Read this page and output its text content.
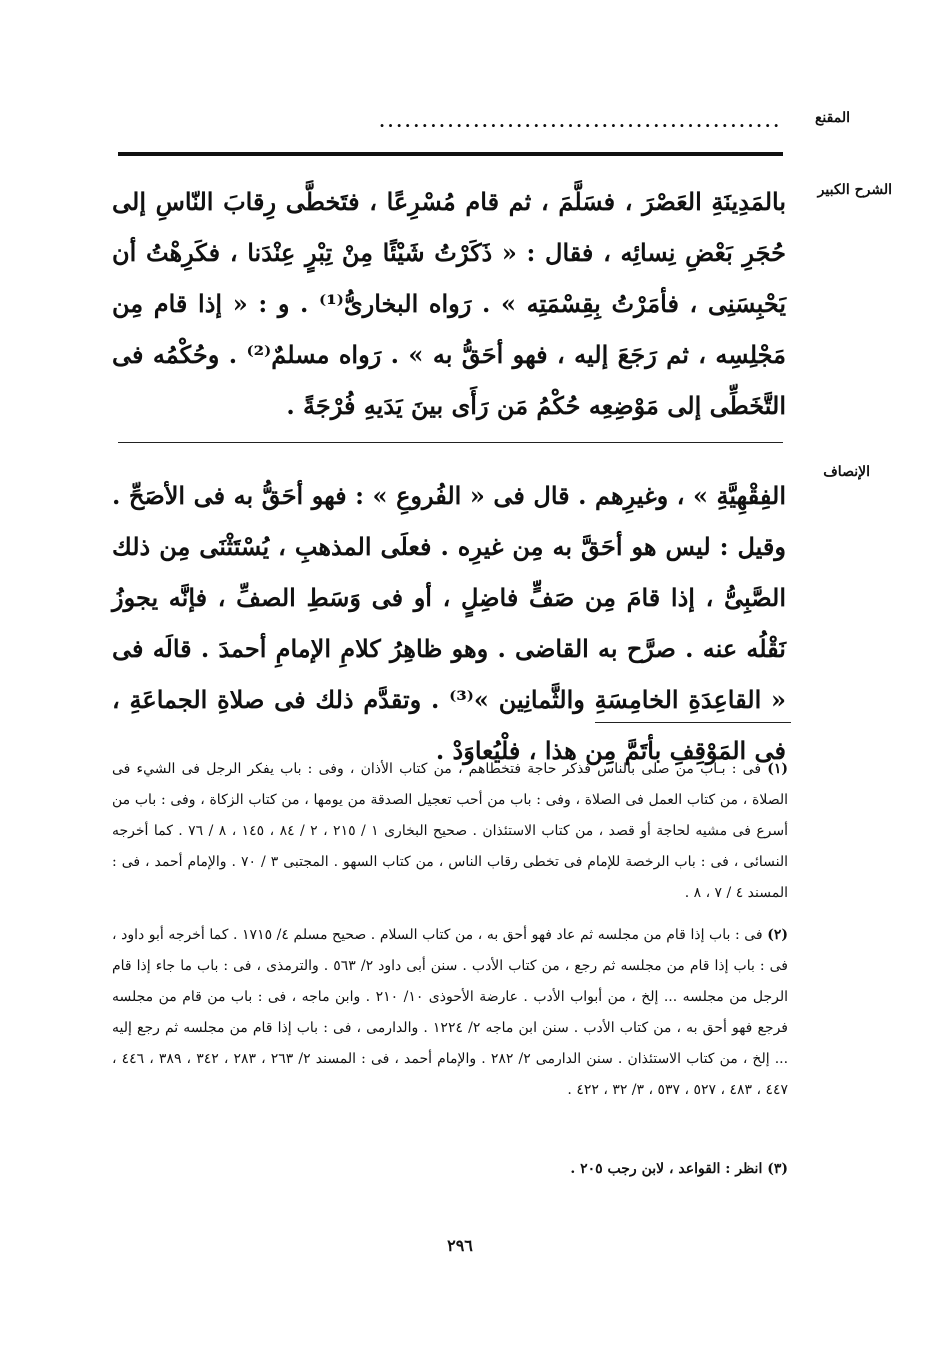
المقنع
...............................................
الشرح الكبير
بالمَدِينَةِ العَصْرَ ، فسَلَّمَ ، ثم قام مُسْرِعًا ، فتَخطَّى رِقابَ النّاسِ إلى حُجَرِ بَعْضِ نِسائِه ، فقال : « ذَكَرْتُ شَيْئًا مِنْ تِبْرٍ عِنْدَنا ، فكَرِهْتُ أن يَحْبِسَنِى ، فأمَرْتُ بِقِسْمَتِه » . رَواه البخارىُّ⁽¹⁾ . و : « إذا قام مِن مَجْلِسِه ، ثم رَجَعَ إليه ، فهو أحَقُّ به » . رَواه مسلمٌ⁽²⁾ . وحُكْمُه فى التَّخَطِّى إلى مَوْضِعِه حُكْمُ مَن رَأَى بينَ يَدَيهِ فُرْجَةً .
الإنصاف
الفِقْهِيَّةِ » ، وغيرِهم . قال فى « الفُروعِ » : فهو أحَقُّ به فى الأصَحِّ . وقيل : ليس هو أحَقَّ به مِن غيرِه . فعلَى المذهبِ ، يُسْتَثْنَى مِن ذلك الصَّبِىُّ ، إذا قامَ مِن صَفٍّ فاضِلٍ ، أو فى وَسَطِ الصفِّ ، فإنَّه يجوزُ نَقْلُه عنه . صرَّح به القاضى . وهو ظاهِرُ كلامِ الإمامِ أحمدَ . قالَه فى « القاعِدَةِ الخامِسَةِ والثَّمانِين »⁽³⁾ . وتقدَّم ذلك فى صلاةِ الجماعَةِ ، فى المَوْقِفِ بأتَمَّ مِن هذا ، فلْيُعاوَدْ .
(١) فى : بـاب من صلى بالناس فذكر حاجة فتخطاهم ، من كتاب الأذان ، وفى : باب يفكر الرجل فى الشيء فى الصلاة ، من كتاب العمل فى الصلاة ، وفى : باب من أحب تعجيل الصدقة من يومها ، من كتاب الزكاة ، وفى : باب من أسرع فى مشيه لحاجة أو قصد ، من كتاب الاستئذان . صحيح البخارى ١ / ٢١٥ ، ٢ / ٨٤ ، ١٤٥ ، ٨ / ٧٦ . كما أخرجه النسائى ، فى : باب الرخصة للإمام فى تخطى رقاب الناس ، من كتاب السهو . المجتبى ٣ / ٧٠ . والإمام أحمد ، فى : المسند ٤ / ٧ ، ٨ .
(٢) فى : باب إذا قام من مجلسه ثم عاد فهو أحق به ، من كتاب السلام . صحيح مسلم ٤/ ١٧١٥ . كما أخرجه أبو داود ، فى : باب إذا قام من مجلسه ثم رجع ، من كتاب الأدب . سنن أبى داود ٢/ ٥٦٣ . والترمذى ، فى : باب ما جاء إذا قام الرجل من مجلسه ... إلخ ، من أبواب الأدب . عارضة الأحوذى ١٠/ ٢١٠ . وابن ماجه ، فى : باب من قام من مجلسه فرجع فهو أحق به ، من كتاب الأدب . سنن ابن ماجه ٢/ ١٢٢٤ . والدارمى ، فى : باب إذا قام من مجلسه ثم رجع إليه ... إلخ ، من كتاب الاستئذان . سنن الدارمى ٢/ ٢٨٢ . والإمام أحمد ، فى : المسند ٢/ ٢٦٣ ، ٢٨٣ ، ٣٤٢ ، ٣٨٩ ، ٤٤٦ ، ٤٤٧ ، ٤٨٣ ، ٥٢٧ ، ٥٣٧ ، ٣/ ٣٢ ، ٤٢٢ .
(٣) انظر : القواعد ، لابن رجب ٢٠٥ .
٢٩٦
